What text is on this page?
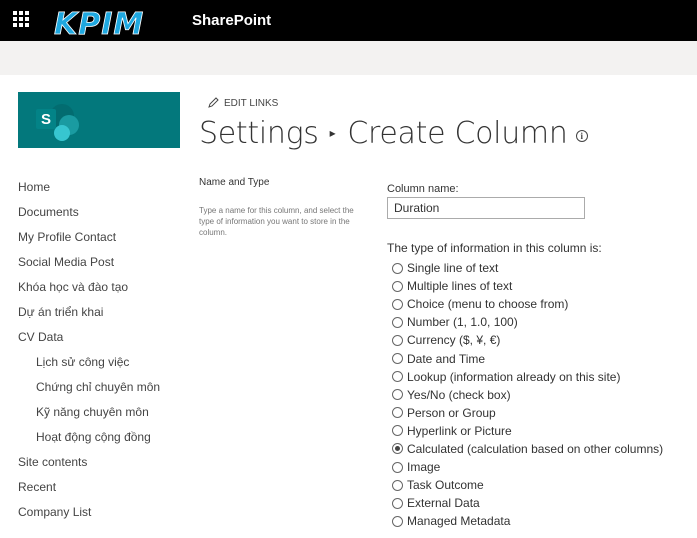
KPIM	SharePoint
S
EDIT LINKS
Settings ▸ Create Column i
Home
Documents
My Profile Contact
Social Media Post
Khóa học và đào tạo
Dự án triển khai
CV Data
Lịch sử công việc
Chứng chỉ chuyên môn
Kỹ năng chuyên môn
Hoạt động cộng đồng
Site contents
Recent
Company List
Name and Type
Type a name for this column, and select the type of information you want to store in the column.
Column name:
Duration
The type of information in this column is:
Single line of text
Multiple lines of text
Choice (menu to choose from)
Number (1, 1.0, 100)
Currency ($, ¥, €)
Date and Time
Lookup (information already on this site)
Yes/No (check box)
Person or Group
Hyperlink or Picture
Calculated (calculation based on other columns)
Image
Task Outcome
External Data
Managed Metadata
